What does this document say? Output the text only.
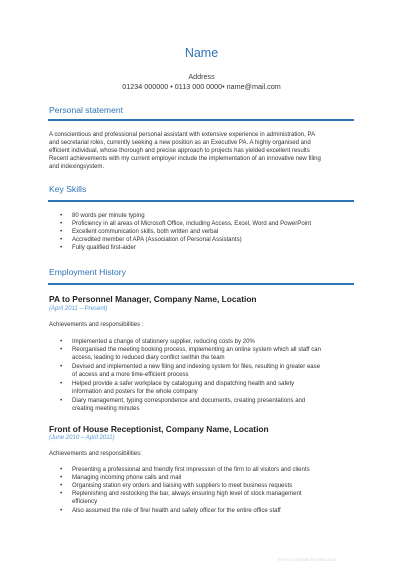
Name
Address
01234 000000 • 0113 000 0000• name@mail.com
Personal statement

A conscientious and professional personal assistant with extensive experience in administration, PA

and secretarial roles, currently seeking a new position as an Executive PA. A highly organised and

efficient individual, whose thorough and precise approach to projects has yielded excellent results

Recent achievements with my current employer include the implementation of an innovative new filing

and indexingsystem.

Key Skills
• 80 words per minute typing
• Proficiency in all areas of Microsoft Office, including Access, Excel, Word and PowerPoint
• Excellent communication skills, both written and verbal
• Accredited member of APA (Association of Personal Assistants)
• Fully qualified first-aider
Employment History
PA to Personnel Manager, Company Name, Location
(April 2011 – Present)
Achievements and responsibilities :
• Implemented a change of stationery supplier, reducing costs by 20%
• Reorganised the meeting booking process, implementing an online system which all staff can
access, leading to reduced diary conflict swithin the team
• Devised and implemented a new filing and indexing system for files, resulting in greater ease
of access and a more time-efficient process
• Helped provide a safer workplace by cataloguing and dispatching health and safety
information and posters for the whole company
• Diary management, typing correspondence and documents, creating presentations and
creating meeting minutes
Front of House Receptionist, Company Name, Location
(June 2010 – April 2011)
Achievements and responsibilities:
• Presenting a professional and friendly first impression of the firm to all visitors and clients
• Managing incoming phone calls and mail
• Organising station ery orders and liaising with suppliers to meet business requests
• Replenishing and restocking the bar, always ensuring high level of stock management
efficiency
• Also assumed the role of fire/ health and safety officer for the entire office staff
free CV template by reed.co.uk
